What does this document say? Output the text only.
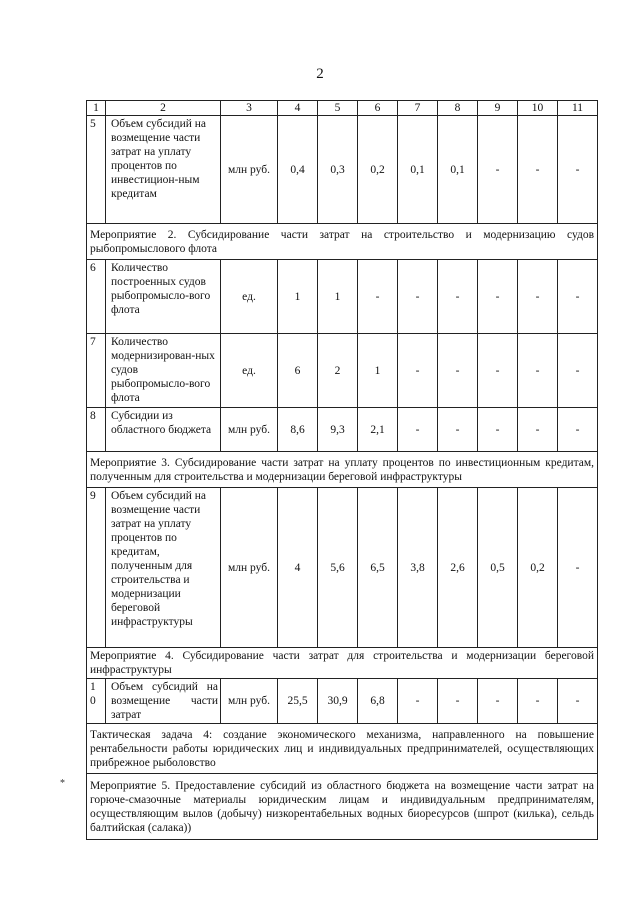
2
1	2	3	4	5	6	7	8	9	10	11
5	Объем субсидий на возмещение части затрат на уплату процентов по инвестицион-ным кредитам	млн руб.	0,4	0,3	0,2	0,1	0,1	-	-	-
Мероприятие 2. Субсидирование части затрат на строительство и модернизацию судов рыбопромыслового флота										
6	Количество построенных судов рыбопромысло-вого флота	ед.	1	1	-	-	-	-	-	-
7	Количество модернизирован-ных судов рыбопромысло-вого флота	ед.	6	2	1	-	-	-	-	-
8	Субсидии из областного бюджета	млн руб.	8,6	9,3	2,1	-	-	-	-	-
Мероприятие 3. Субсидирование части затрат на уплату процентов по инвестиционным кредитам, полученным для строительства и модернизации береговой инфраструктуры										
9	Объем субсидий на возмещение части затрат на уплату процентов по кредитам, полученным для строительства и модернизации береговой инфраструктуры	млн руб.	4	5,6	6,5	3,8	2,6	0,5	0,2	-
Мероприятие 4. Субсидирование части затрат для строительства и модернизации береговой инфраструктуры										
1 0	Объем субсидий на возмещение части затрат	млн руб.	25,5	30,9	6,8	-	-	-	-	-
Тактическая задача 4: создание экономического механизма, направленного на повышение рентабельности работы юридических лиц и индивидуальных предпринимателей, осуществляющих прибрежное рыболовство										
Мероприятие 5. Предоставление субсидий из областного бюджета на возмещение части затрат на горюче-смазочные материалы юридическим лицам и индивидуальным предпринимателям, осуществляющим вылов (добычу) низкорентабельных водных биоресурсов (шпрот (килька), сельдь балтийская (салака))										
*
